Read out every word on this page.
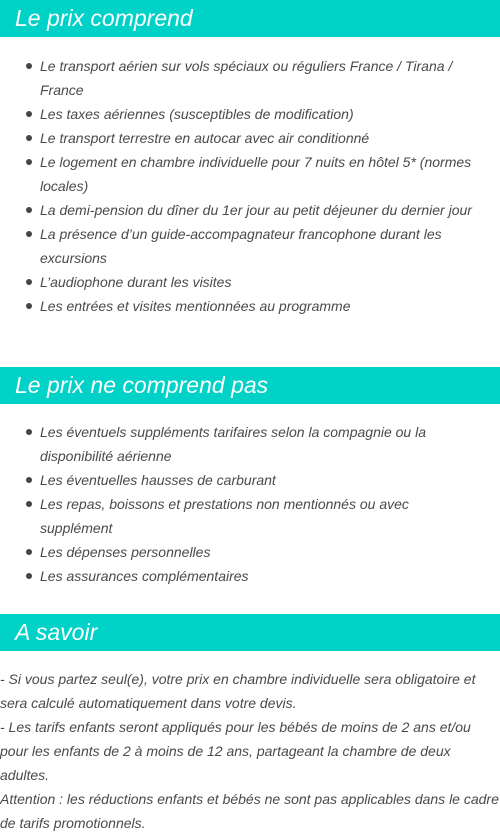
Le prix comprend
Le transport aérien sur vols spéciaux ou réguliers France / Tirana / France
Les taxes aériennes (susceptibles de modification)
Le transport terrestre en autocar avec air conditionné
Le logement en chambre individuelle pour 7 nuits en hôtel 5* (normes locales)
La demi-pension du dîner du 1er jour au petit déjeuner du dernier jour
La présence d’un guide-accompagnateur francophone durant les excursions
L’audiophone durant les visites
Les entrées et visites mentionnées au programme
Le prix ne comprend pas
Les éventuels suppléments tarifaires selon la compagnie ou la disponibilité aérienne
Les éventuelles hausses de carburant
Les repas, boissons et prestations non mentionnés ou avec supplément
Les dépenses personnelles
Les assurances complémentaires
A savoir

- Si vous partez seul(e), votre prix en chambre individuelle sera obligatoire et sera calculé automatiquement dans votre devis.

- Les tarifs enfants seront appliqués pour les bébés de moins de 2 ans et/ou pour les enfants de 2 à moins de 12 ans, partageant la chambre de deux adultes.

Attention : les réductions enfants et bébés ne sont pas applicables dans le cadre de tarifs promotionnels.
